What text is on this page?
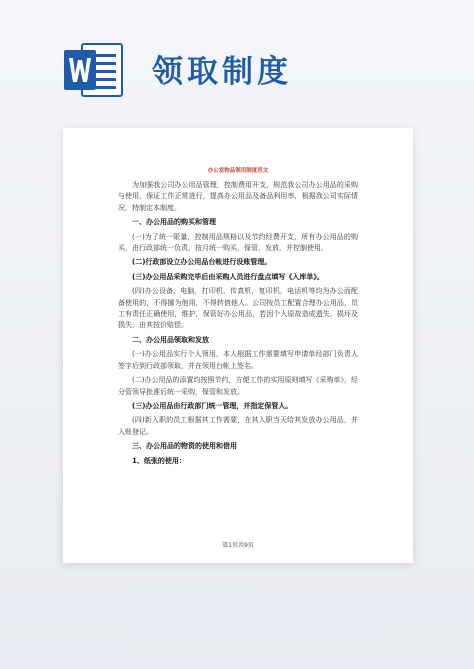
领取制度
办公室物品领用制度范文

为加强我公司办公用品管理，控制费用开支，规范我公司办公用品的采购与使用，保证工作正常进行，提高办公用品及备品利用率，根据我公司实际情况，特制定本制度。

一、办公用品的购买和管理

(一)为了统一限量，控制用品规格以及节约经费开支，所有办公用品的购买，由行政部统一负责，按月统一购买，保管，发放，并控制使用。

(二)行政部设立办公用品台帐进行设账管理。

(三)办公用品采购完毕后由采购人员进行盘点填写《入库单》。

(四)办公设备，电脑，打印机，传真机，复印机，电话机等均为办公而配备使用的，不得挪为他用，不得转借他人。公司按员工配置合理办公用品，员工有责任正确使用，维护，保管好办公用品，若因个人原故造成遗失，损坏及损失，由其按价赔偿。

二、办公用品领取和发放

(一)办公用品实行个人领用，本人根据工作需要填写申请单经部门负责人签字后到行政部领取，并在领用台帐上签名。

(二)办公用品的添置均按照节约，方便工作的实用原则填写《采购单》，经分管领导批准后统一采购，保管和发放。

(三)办公用品由行政部门统一管理，并指定保管人。

(四)新入职的员工根据其工作需要，在其入职当天给其发放办公用品，并入账登记。

三、办公用品的物资的使用和借用

1、纸张的使用：

第1页共9页
